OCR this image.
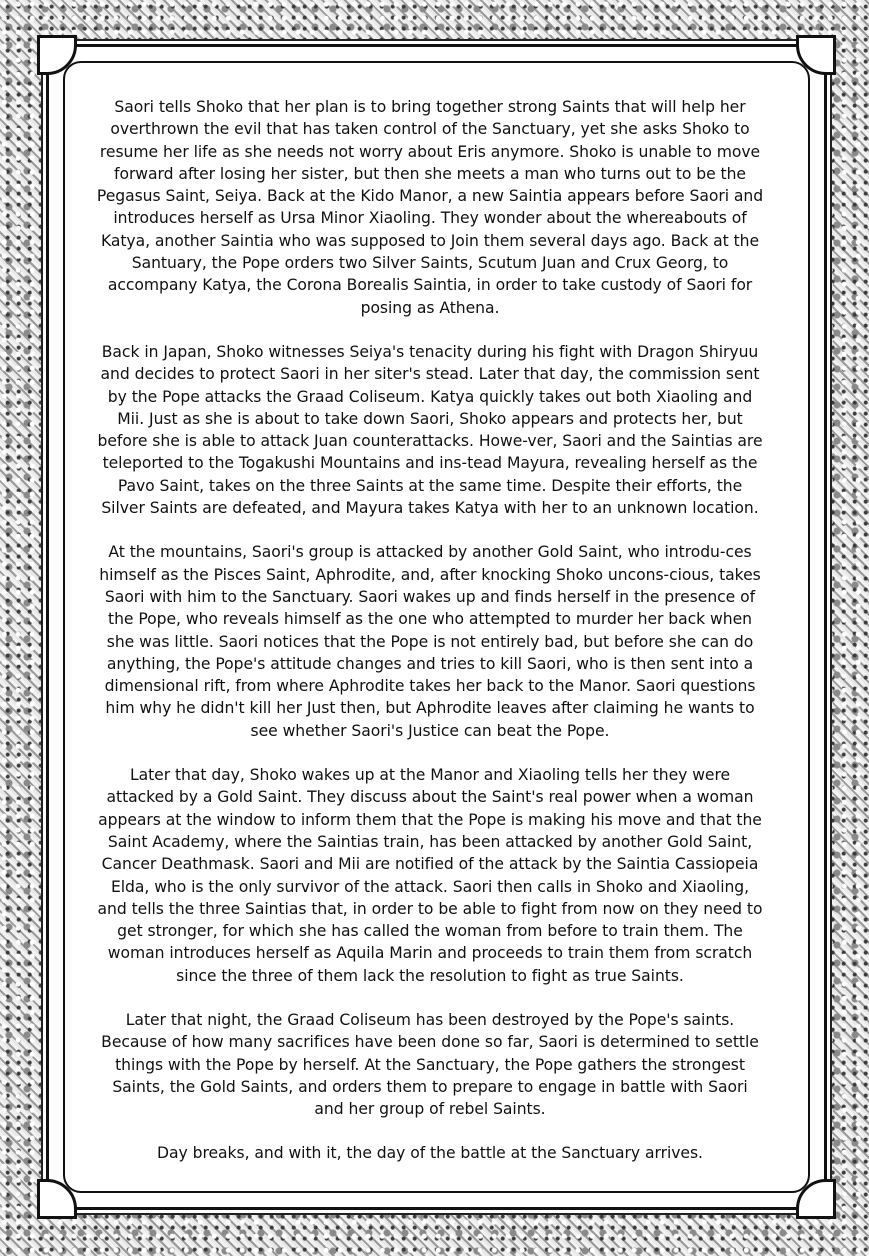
Saori tells Shoko that her plan is to bring together strong Saints that will help her overthrown the evil that has taken control of the Sanctuary, yet she asks Shoko to resume her life as she needs not worry about Eris anymore. Shoko is unable to move forward after losing her sister, but then she meets a man who turns out to be the Pegasus Saint, Seiya. Back at the Kido Manor, a new Saintia appears before Saori and introduces herself as Ursa Minor Xiaoling. They wonder about the whereabouts of Katya, another Saintia who was supposed to Join them several days ago. Back at the Santuary, the Pope orders two Silver Saints, Scutum Juan and Crux Georg, to accompany Katya, the Corona Borealis Saintia, in order to take custody of Saori for posing as Athena.

Back in Japan, Shoko witnesses Seiya's tenacity during his fight with Dragon Shiryuu and decides to protect Saori in her siter's stead. Later that day, the commission sent by the Pope attacks the Graad Coliseum. Katya quickly takes out both Xiaoling and Mii. Just as she is about to take down Saori, Shoko appears and protects her, but before she is able to attack Juan counterattacks. Howe-ver, Saori and the Saintias are teleported to the Togakushi Mountains and ins-tead Mayura, revealing herself as the Pavo Saint, takes on the three Saints at the same time. Despite their efforts, the Silver Saints are defeated, and Mayura takes Katya with her to an unknown location.

At the mountains, Saori's group is attacked by another Gold Saint, who introdu-ces himself as the Pisces Saint, Aphrodite, and, after knocking Shoko uncons-cious, takes Saori with him to the Sanctuary. Saori wakes up and finds herself in the presence of the Pope, who reveals himself as the one who attempted to murder her back when she was little. Saori notices that the Pope is not entirely bad, but before she can do anything, the Pope's attitude changes and tries to kill Saori, who is then sent into a dimensional rift, from where Aphrodite takes her back to the Manor. Saori questions him why he didn't kill her Just then, but Aphrodite leaves after claiming he wants to see whether Saori's Justice can beat the Pope.

Later that day, Shoko wakes up at the Manor and Xiaoling tells her they were attacked by a Gold Saint. They discuss about the Saint's real power when a woman appears at the window to inform them that the Pope is making his move and that the Saint Academy, where the Saintias train, has been attacked by another Gold Saint, Cancer Deathmask. Saori and Mii are notified of the attack by the Saintia Cassiopeia Elda, who is the only survivor of the attack. Saori then calls in Shoko and Xiaoling, and tells the three Saintias that, in order to be able to fight from now on they need to get stronger, for which she has called the woman from before to train them. The woman introduces herself as Aquila Marin and proceeds to train them from scratch since the three of them lack the resolution to fight as true Saints.

Later that night, the Graad Coliseum has been destroyed by the Pope's saints. Because of how many sacrifices have been done so far, Saori is determined to settle things with the Pope by herself. At the Sanctuary, the Pope gathers the strongest Saints, the Gold Saints, and orders them to prepare to engage in battle with Saori and her group of rebel Saints.

Day breaks, and with it, the day of the battle at the Sanctuary arrives.
